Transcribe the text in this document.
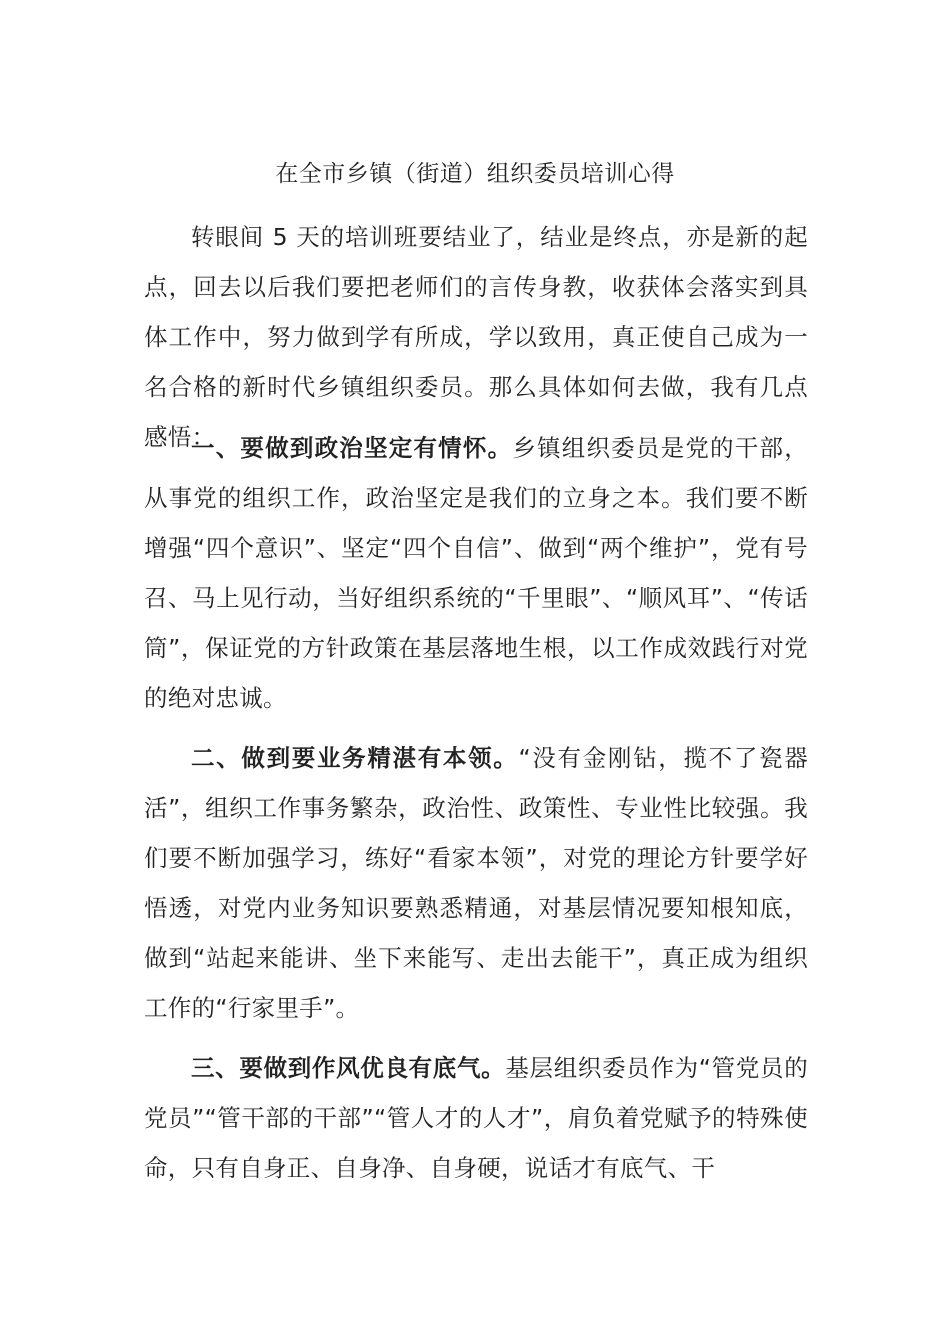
在全市乡镇（街道）组织委员培训心得

转眼间 5 天的培训班要结业了，结业是终点，亦是新的起点，回去以后我们要把老师们的言传身教，收获体会落实到具体工作中，努力做到学有所成，学以致用，真正使自己成为一名合格的新时代乡镇组织委员。那么具体如何去做，我有几点感悟：

一、要做到政治坚定有情怀。乡镇组织委员是党的干部，从事党的组织工作，政治坚定是我们的立身之本。我们要不断增强“四个意识”、坚定“四个自信”、做到“两个维护”，党有号召、马上见行动，当好组织系统的“千里眼”、“顺风耳”、“传话筒”，保证党的方针政策在基层落地生根，以工作成效践行对党的绝对忠诚。

二、做到要业务精湛有本领。“没有金刚钻，揽不了瓷器活”，组织工作事务繁杂，政治性、政策性、专业性比较强。我们要不断加强学习，练好“看家本领”，对党的理论方针要学好悟透，对党内业务知识要熟悉精通，对基层情况要知根知底，做到“站起来能讲、坐下来能写、走出去能干”，真正成为组织工作的“行家里手”。

三、要做到作风优良有底气。基层组织委员作为“管党员的党员”“管干部的干部”“管人才的人才”，肩负着党赋予的特殊使命，只有自身正、自身净、自身硬，说话才有底气、干
